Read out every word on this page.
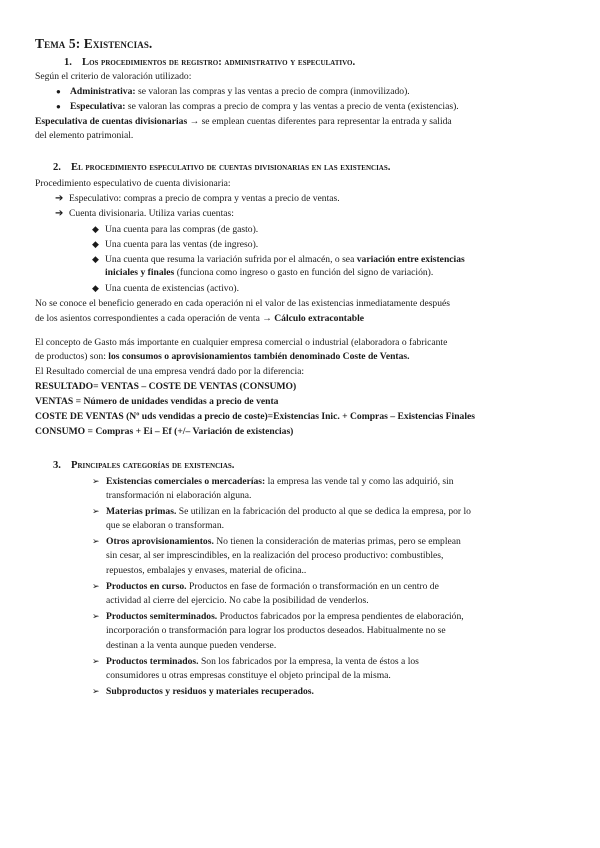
Tema 5: Existencias.
1. Los procedimientos de registro: administrativo y especulativo.
Según el criterio de valoración utilizado:
● Administrativa: se valoran las compras y las ventas a precio de compra (inmovilizado).
● Especulativa: se valoran las compras a precio de compra y las ventas a precio de venta (existencias).
Especulativa de cuentas divisionarias → se emplean cuentas diferentes para representar la entrada y salida
del elemento patrimonial.
2. El procedimiento especulativo de cuentas divisionarias en las existencias.
Procedimiento especulativo de cuenta divisionaria:
➔ Especulativo: compras a precio de compra y ventas a precio de ventas.
➔ Cuenta divisionaria. Utiliza varias cuentas:
◆ Una cuenta para las compras (de gasto).
◆ Una cuenta para las ventas (de ingreso).
◆ Una cuenta que resuma la variación sufrida por el almacén, o sea variación entre existencias
iniciales y finales (funciona como ingreso o gasto en función del signo de variación).
◆ Una cuenta de existencias (activo).
No se conoce el beneficio generado en cada operación ni el valor de las existencias inmediatamente después
de los asientos correspondientes a cada operación de venta → Cálculo extracontable
El concepto de Gasto más importante en cualquier empresa comercial o industrial (elaboradora o fabricante
de productos) son: los consumos o aprovisionamientos también denominado Coste de Ventas.
El Resultado comercial de una empresa vendrá dado por la diferencia:
RESULTADO= VENTAS – COSTE DE VENTAS (CONSUMO)
VENTAS = Número de unidades vendidas a precio de venta
COSTE DE VENTAS (Nº uds vendidas a precio de coste)=Existencias Inic. + Compras – Existencias Finales
CONSUMO = Compras + Ei – Ef (+/– Variación de existencias)
3. Principales categorías de existencias.
➢ Existencias comerciales o mercaderías: la empresa las vende tal y como las adquirió, sin
transformación ni elaboración alguna.
➢ Materias primas. Se utilizan en la fabricación del producto al que se dedica la empresa, por lo
que se elaboran o transforman.
➢ Otros aprovisionamientos. No tienen la consideración de materias primas, pero se emplean
sin cesar, al ser imprescindibles, en la realización del proceso productivo: combustibles,
repuestos, embalajes y envases, material de oficina..
➢ Productos en curso. Productos en fase de formación o transformación en un centro de
actividad al cierre del ejercicio. No cabe la posibilidad de venderlos.
➢ Productos semiterminados. Productos fabricados por la empresa pendientes de elaboración,
incorporación o transformación para lograr los productos deseados. Habitualmente no se
destinan a la venta aunque pueden venderse.
➢ Productos terminados. Son los fabricados por la empresa, la venta de éstos a los
consumidores u otras empresas constituye el objeto principal de la misma.
➢ Subproductos y residuos y materiales recuperados.
